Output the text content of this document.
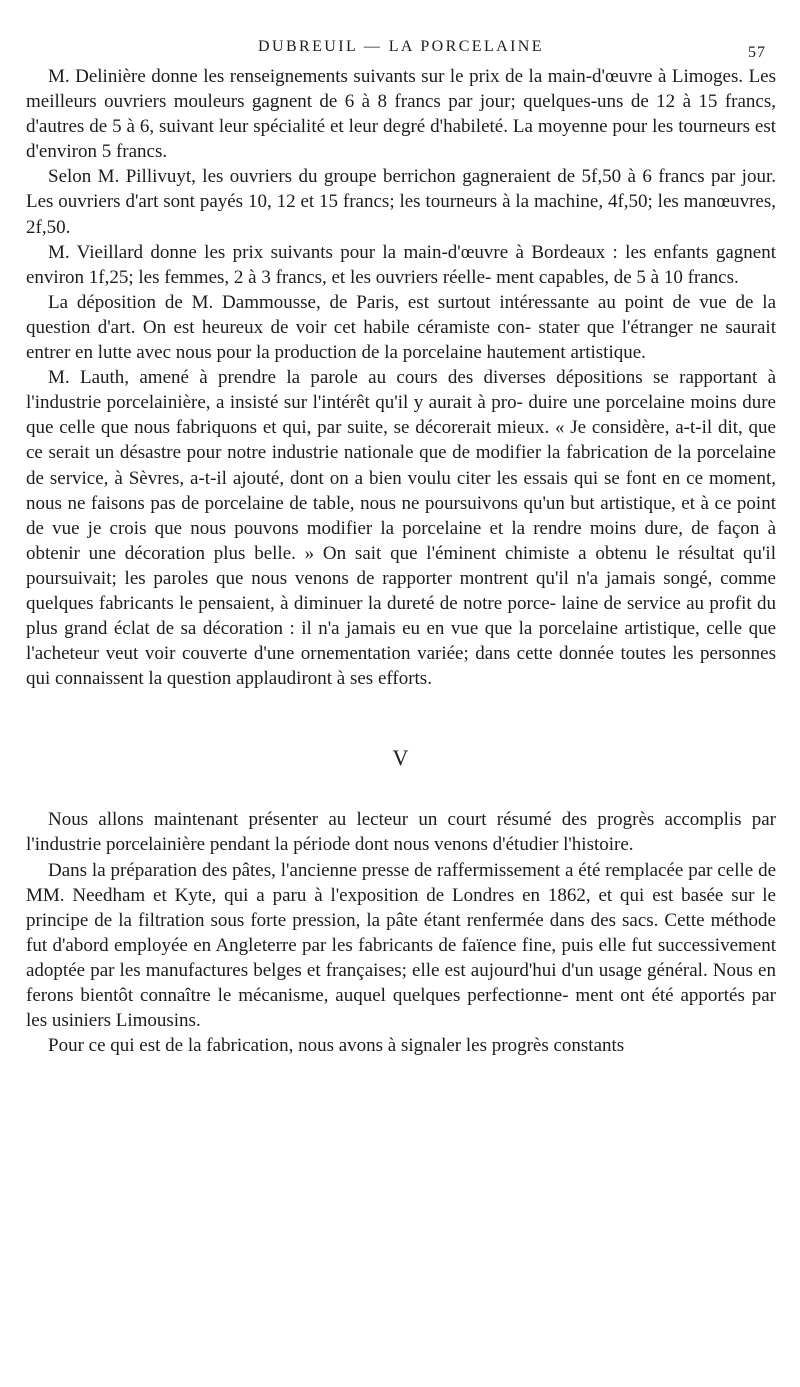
DUBREUIL — LA PORCELAINE	57

M. Delinière donne les renseignements suivants sur le prix de la main-d'œuvre à Limoges. Les meilleurs ouvriers mouleurs gagnent de 6 à 8 francs par jour; quelques-uns de 12 à 15 francs, d'autres de 5 à 6, suivant leur spécialité et leur degré d'habileté. La moyenne pour les tourneurs est d'environ 5 francs.

Selon M. Pillivuyt, les ouvriers du groupe berrichon gagneraient de 5f,50 à 6 francs par jour. Les ouvriers d'art sont payés 10, 12 et 15 francs; les tourneurs à la machine, 4f,50; les manœuvres, 2f,50.

M. Vieillard donne les prix suivants pour la main-d'œuvre à Bordeaux : les enfants gagnent environ 1f,25; les femmes, 2 à 3 francs, et les ouvriers réelle- ment capables, de 5 à 10 francs.

La déposition de M. Dammousse, de Paris, est surtout intéressante au point de vue de la question d'art. On est heureux de voir cet habile céramiste con- stater que l'étranger ne saurait entrer en lutte avec nous pour la production de la porcelaine hautement artistique.

M. Lauth, amené à prendre la parole au cours des diverses dépositions se rapportant à l'industrie porcelainière, a insisté sur l'intérêt qu'il y aurait à pro- duire une porcelaine moins dure que celle que nous fabriquons et qui, par suite, se décorerait mieux. « Je considère, a-t-il dit, que ce serait un désastre pour notre industrie nationale que de modifier la fabrication de la porcelaine de service, à Sèvres, a-t-il ajouté, dont on a bien voulu citer les essais qui se font en ce moment, nous ne faisons pas de porcelaine de table, nous ne poursuivons qu'un but artistique, et à ce point de vue je crois que nous pouvons modifier la porcelaine et la rendre moins dure, de façon à obtenir une décoration plus belle. » On sait que l'éminent chimiste a obtenu le résultat qu'il poursuivait; les paroles que nous venons de rapporter montrent qu'il n'a jamais songé, comme quelques fabricants le pensaient, à diminuer la dureté de notre porce- laine de service au profit du plus grand éclat de sa décoration : il n'a jamais eu en vue que la porcelaine artistique, celle que l'acheteur veut voir couverte d'une ornementation variée; dans cette donnée toutes les personnes qui connaissent la question applaudiront à ses efforts.

V

Nous allons maintenant présenter au lecteur un court résumé des progrès accomplis par l'industrie porcelainière pendant la période dont nous venons d'étudier l'histoire.

Dans la préparation des pâtes, l'ancienne presse de raffermissement a été remplacée par celle de MM. Needham et Kyte, qui a paru à l'exposition de Londres en 1862, et qui est basée sur le principe de la filtration sous forte pression, la pâte étant renfermée dans des sacs. Cette méthode fut d'abord employée en Angleterre par les fabricants de faïence fine, puis elle fut successivement adoptée par les manufactures belges et françaises; elle est aujourd'hui d'un usage général. Nous en ferons bientôt connaître le mécanisme, auquel quelques perfectionne- ment ont été apportés par les usiniers Limousins.

Pour ce qui est de la fabrication, nous avons à signaler les progrès constants
